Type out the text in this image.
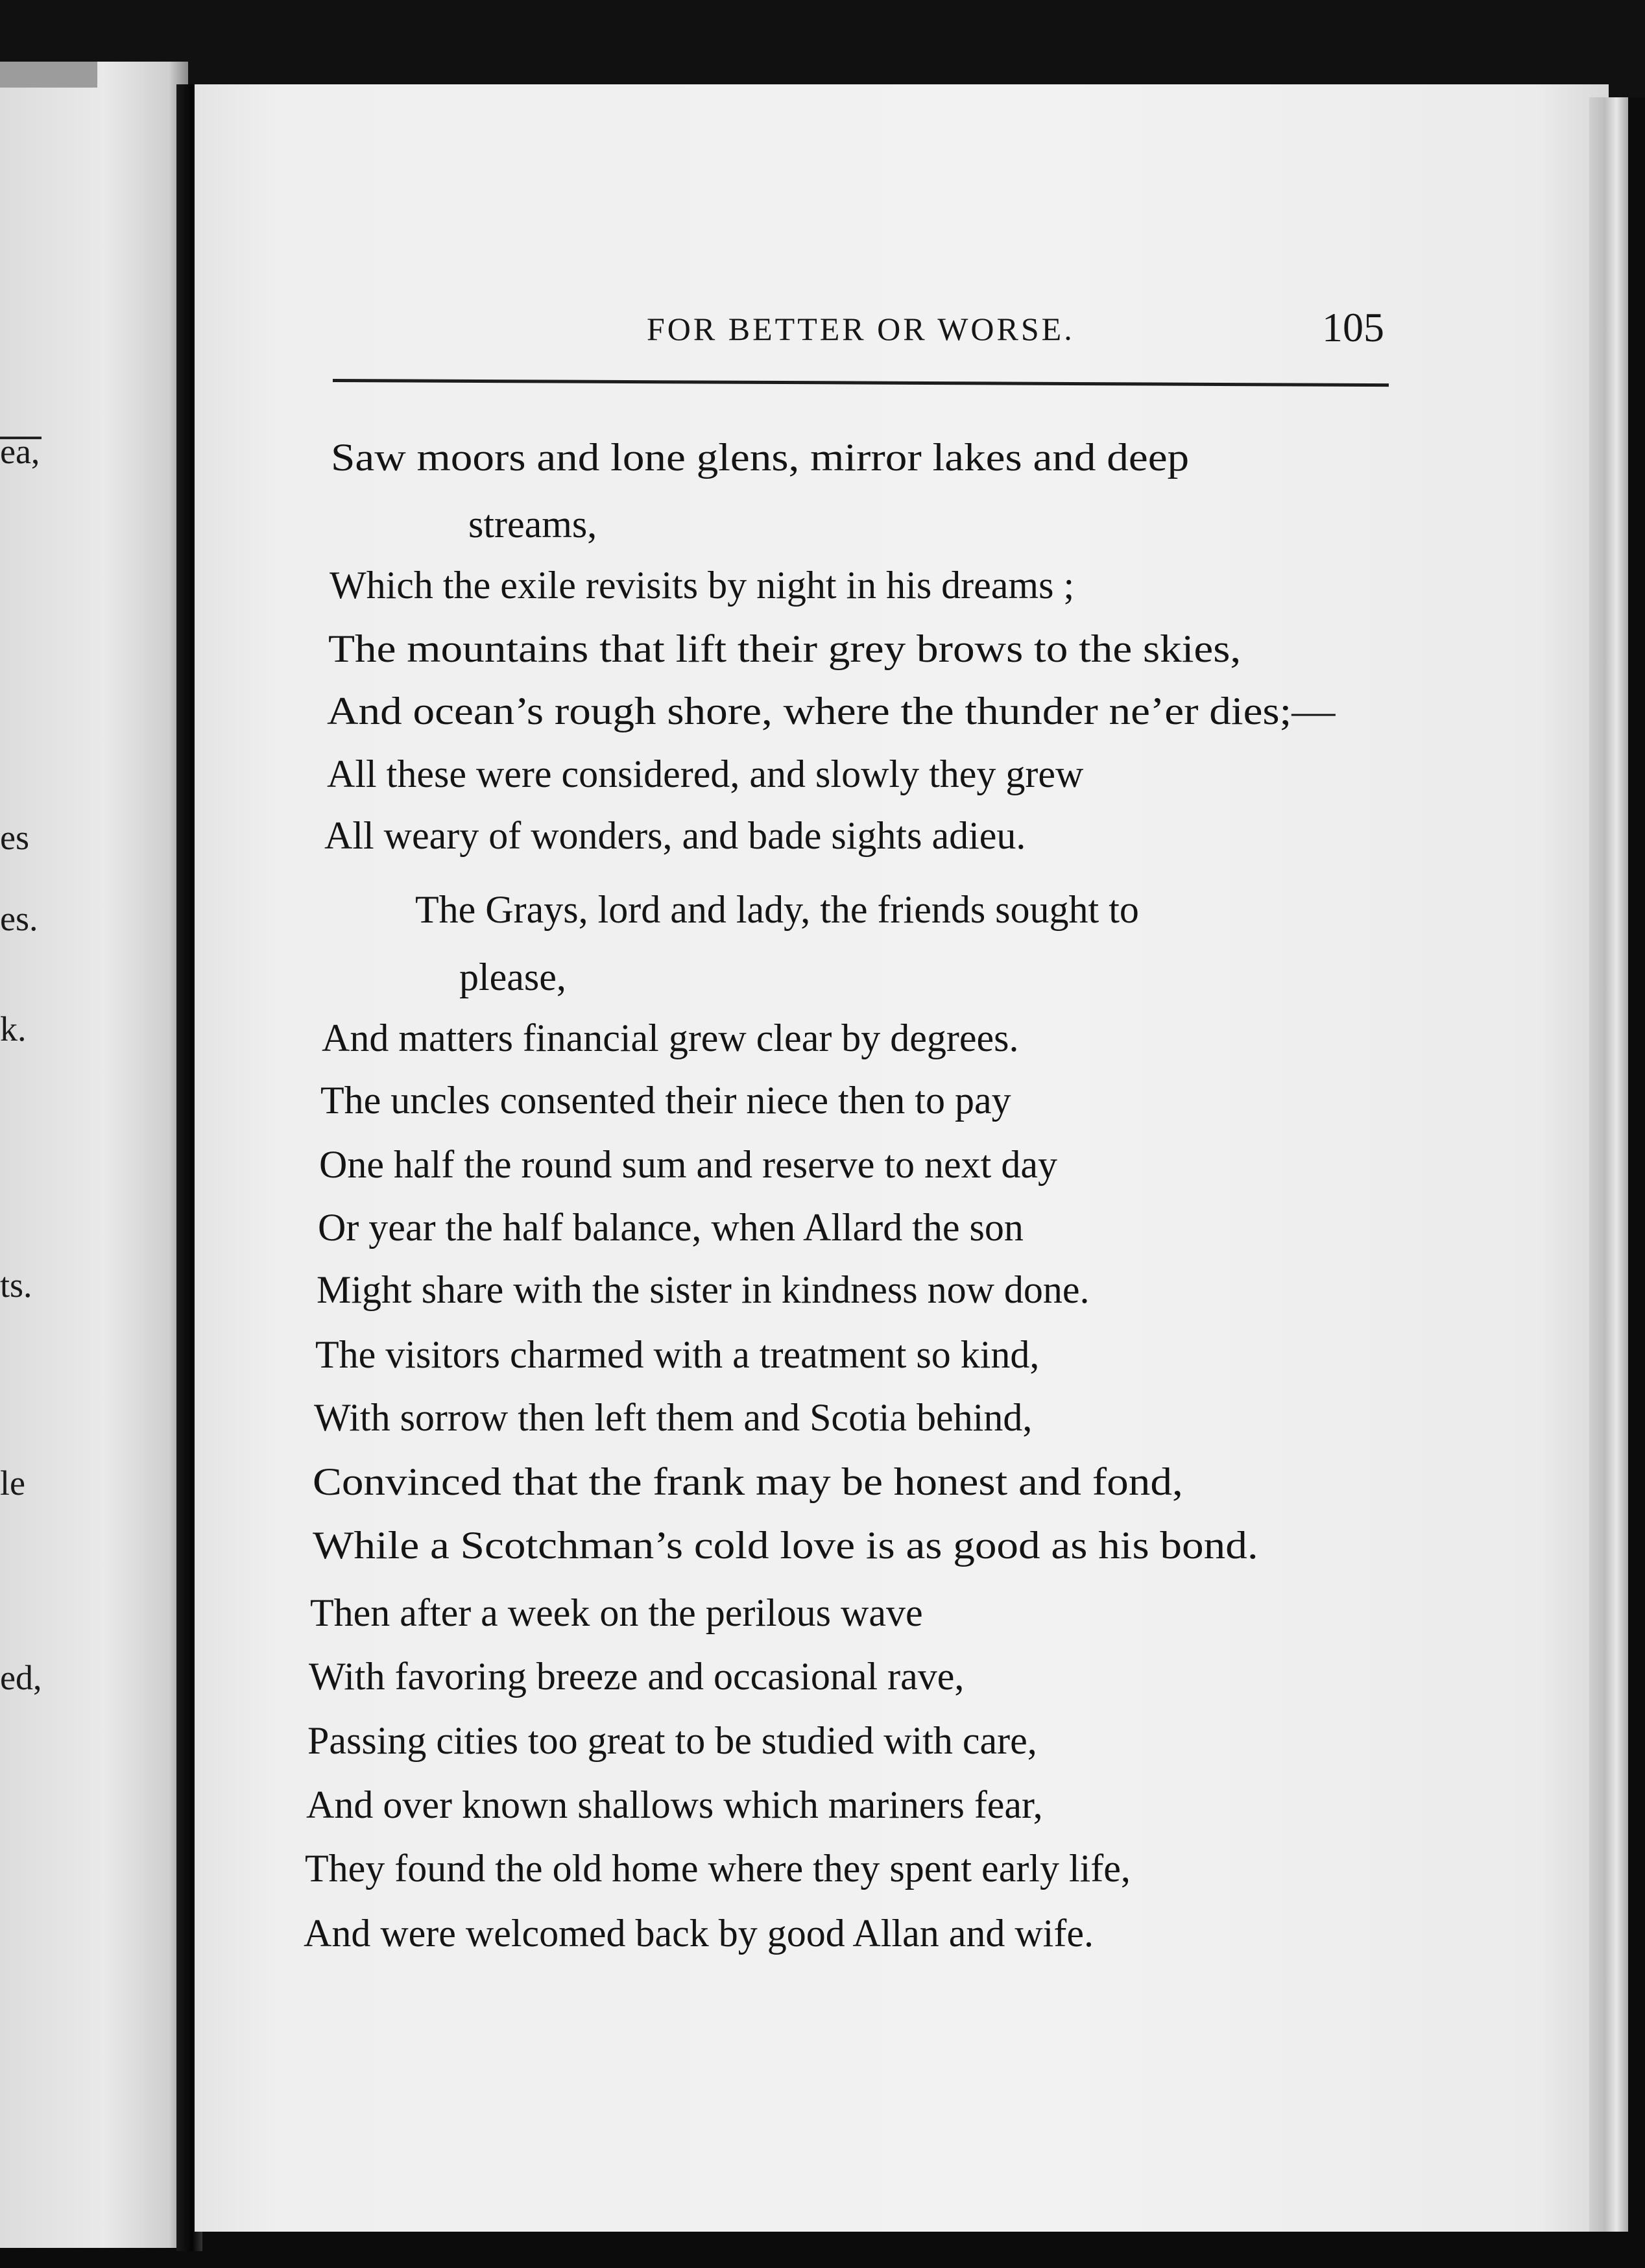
ea,
es
es.
k.
ts.
le
ed,
FOR BETTER OR WORSE.	105
Saw moors and lone glens, mirror lakes and deep
streams,
Which the exile revisits by night in his dreams ;
The mountains that lift their grey brows to the skies,
And ocean’s rough shore, where the thunder ne’er dies;—
All these were considered, and slowly they grew
All weary of wonders, and bade sights adieu.
The Grays, lord and lady, the friends sought to
please,
And matters financial grew clear by degrees.
The uncles consented their niece then to pay
One half the round sum and reserve to next day
Or year the half balance, when Allard the son
Might share with the sister in kindness now done.
The visitors charmed with a treatment so kind,
With sorrow then left them and Scotia behind,
Convinced that the frank may be honest and fond,
While a Scotchman’s cold love is as good as his bond.
Then after a week on the perilous wave
With favoring breeze and occasional rave,
Passing cities too great to be studied with care,
And over known shallows which mariners fear,
They found the old home where they spent early life,
And were welcomed back by good Allan and wife.
